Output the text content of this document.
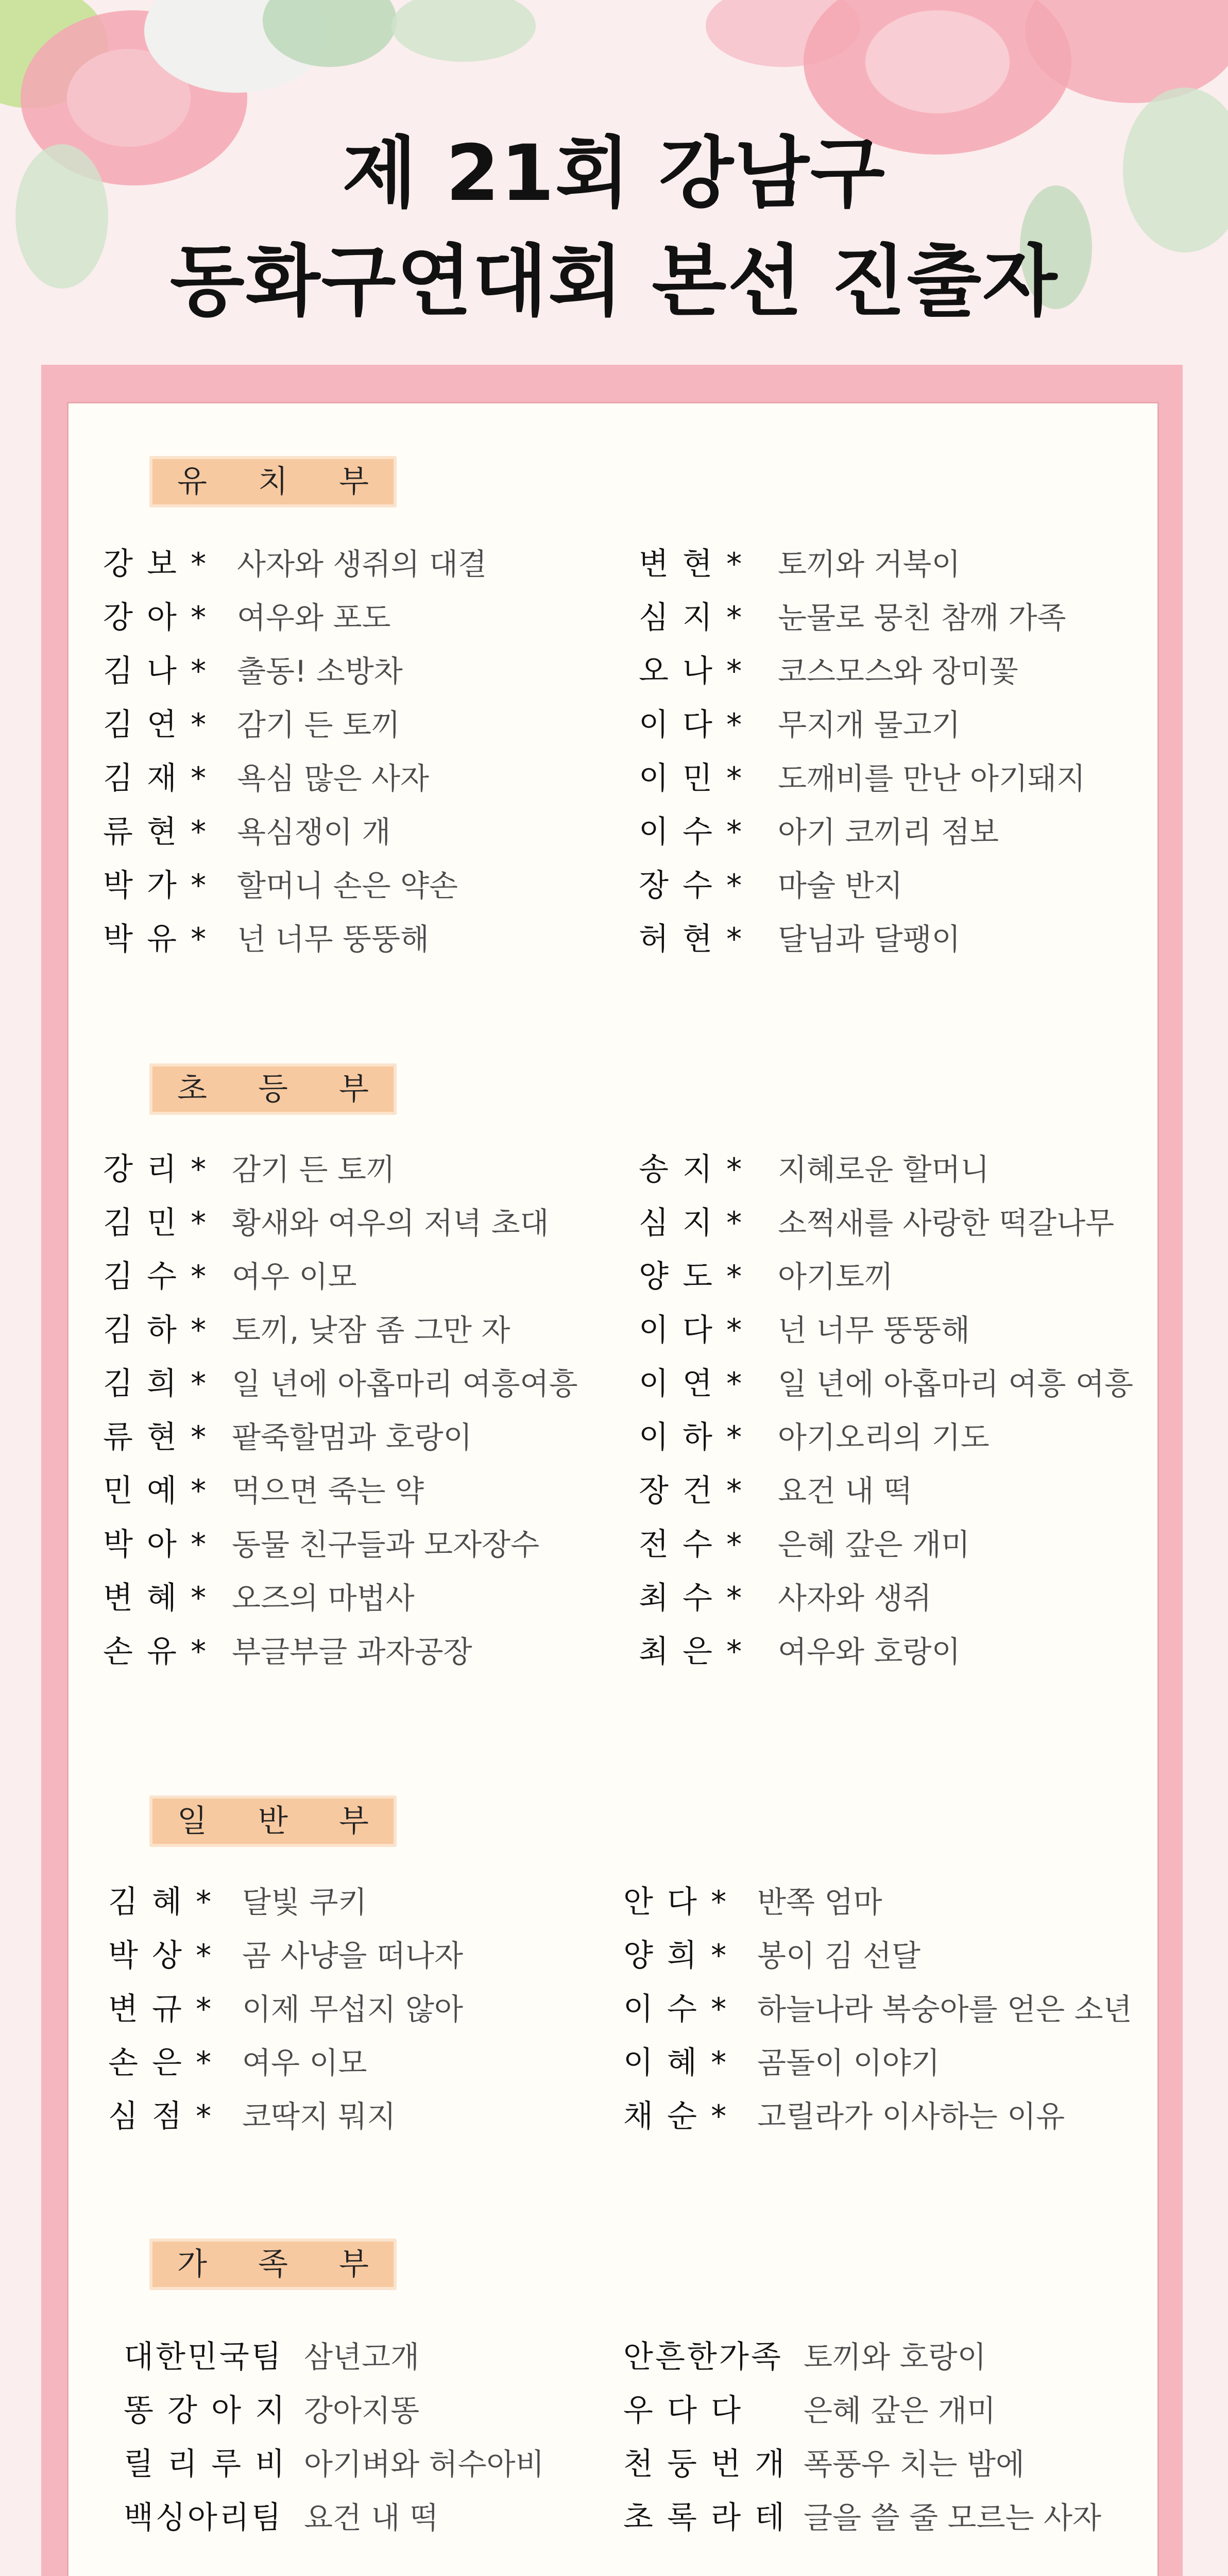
제 21회 강남구
동화구연대회 본선 진출자
유 치 부
강 보 * 사자와 생쥐의 대결
강 아 * 여우와 포도
김 나 * 출동! 소방차
김 연 * 감기 든 토끼
김 재 * 욕심 많은 사자
류 현 * 욕심쟁이 개
박 가 * 할머니 손은 약손
박 유 * 넌 너무 뚱뚱해
변 현 * 토끼와 거북이
심 지 * 눈물로 뭉친 참깨 가족
오 나 * 코스모스와 장미꽃
이 다 * 무지개 물고기
이 민 * 도깨비를 만난 아기돼지
이 수 * 아기 코끼리 점보
장 수 * 마술 반지
허 현 * 달님과 달팽이
초 등 부
강 리 * 감기 든 토끼
김 민 * 황새와 여우의 저녁 초대
김 수 * 여우 이모
김 하 * 토끼, 낮잠 좀 그만 자
김 희 * 일 년에 아홉마리 여흥여흥
류 현 * 팥죽할멈과 호랑이
민 예 * 먹으면 죽는 약
박 아 * 동물 친구들과 모자장수
변 혜 * 오즈의 마법사
손 유 * 부글부글 과자공장
송 지 * 지혜로운 할머니
심 지 * 소쩍새를 사랑한 떡갈나무
양 도 * 아기토끼
이 다 * 넌 너무 뚱뚱해
이 연 * 일 년에 아홉마리 여흥 여흥
이 하 * 아기오리의 기도
장 건 * 요건 내 떡
전 수 * 은혜 갚은 개미
최 수 * 사자와 생쥐
최 은 * 여우와 호랑이
일 반 부
김 혜 * 달빛 쿠키
박 상 * 곰 사냥을 떠나자
변 규 * 이제 무섭지 않아
손 은 * 여우 이모
심 점 * 코딱지 뭐지
안 다 * 반쪽 엄마
양 희 * 봉이 김 선달
이 수 * 하늘나라 복숭아를 얻은 소년
이 혜 * 곰돌이 이야기
채 순 * 고릴라가 이사하는 이유
가 족 부
대한민국팀 삼년고개
똥 강 아 지 강아지똥
릴 리 루 비 아기벼와 허수아비
백싱아리팀 요건 내 떡
안흔한가족 토끼와 호랑이
우 다 다 은혜 갚은 개미
천 둥 번 개 폭풍우 치는 밤에
초 록 라 테 글을 쓸 줄 모르는 사자
